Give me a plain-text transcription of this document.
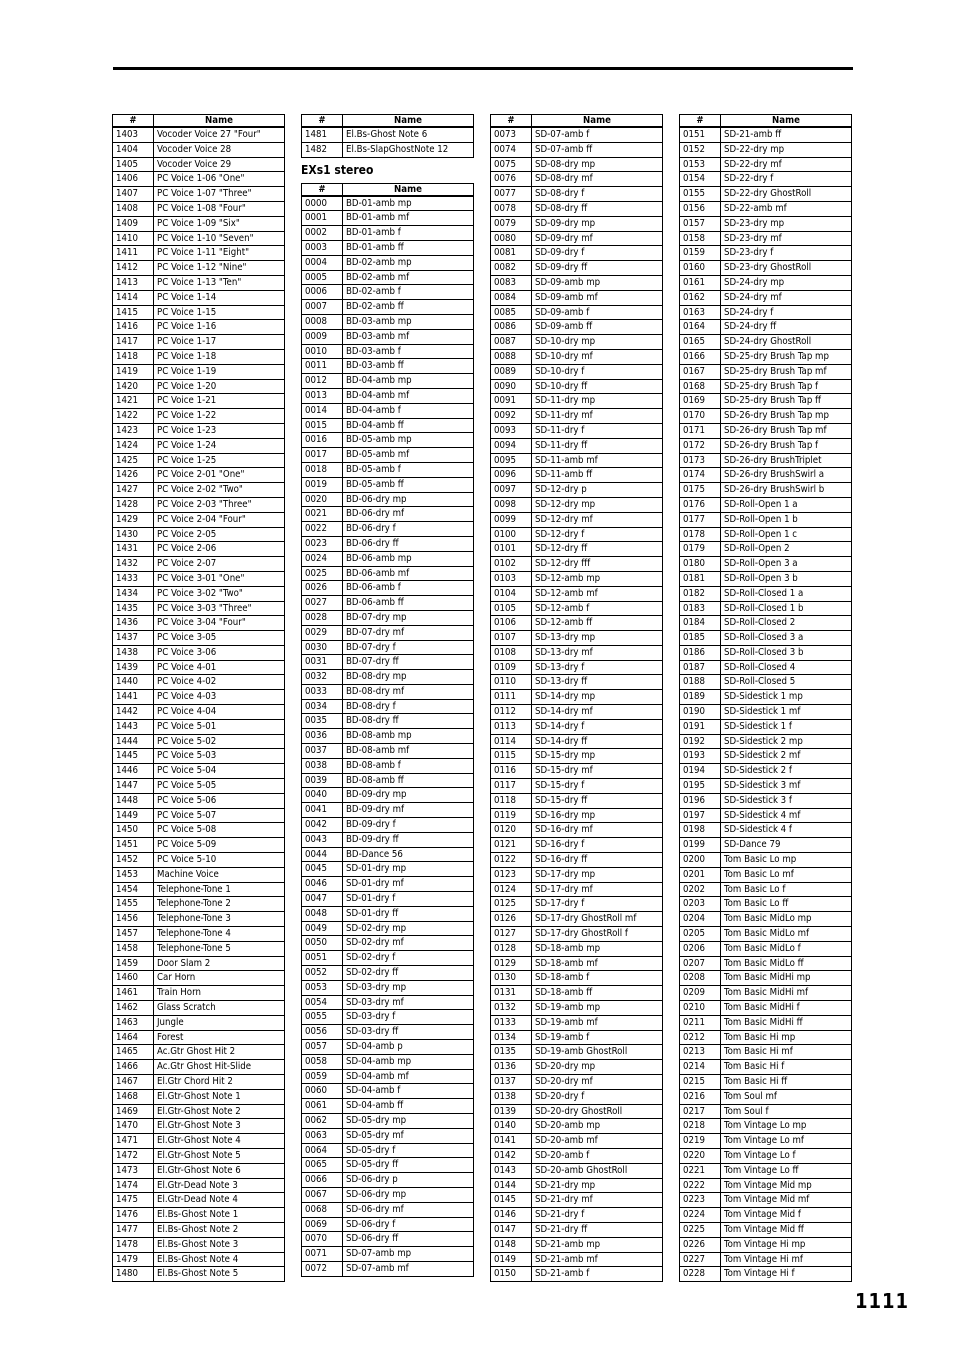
#	Name
1403	Vocoder Voice 27 "Four"
1404	Vocoder Voice 28
1405	Vocoder Voice 29
1406	PC Voice 1-06 "One"
1407	PC Voice 1-07 "Three"
1408	PC Voice 1-08 "Four"
1409	PC Voice 1-09 "Six"
1410	PC Voice 1-10 "Seven"
1411	PC Voice 1-11 "Eight"
1412	PC Voice 1-12 "Nine"
1413	PC Voice 1-13 "Ten"
1414	PC Voice 1-14
1415	PC Voice 1-15
1416	PC Voice 1-16
1417	PC Voice 1-17
1418	PC Voice 1-18
1419	PC Voice 1-19
1420	PC Voice 1-20
1421	PC Voice 1-21
1422	PC Voice 1-22
1423	PC Voice 1-23
1424	PC Voice 1-24
1425	PC Voice 1-25
1426	PC Voice 2-01 "One"
1427	PC Voice 2-02 "Two"
1428	PC Voice 2-03 "Three"
1429	PC Voice 2-04 "Four"
1430	PC Voice 2-05
1431	PC Voice 2-06
1432	PC Voice 2-07
1433	PC Voice 3-01 "One"
1434	PC Voice 3-02 "Two"
1435	PC Voice 3-03 "Three"
1436	PC Voice 3-04 "Four"
1437	PC Voice 3-05
1438	PC Voice 3-06
1439	PC Voice 4-01
1440	PC Voice 4-02
1441	PC Voice 4-03
1442	PC Voice 4-04
1443	PC Voice 5-01
1444	PC Voice 5-02
1445	PC Voice 5-03
1446	PC Voice 5-04
1447	PC Voice 5-05
1448	PC Voice 5-06
1449	PC Voice 5-07
1450	PC Voice 5-08
1451	PC Voice 5-09
1452	PC Voice 5-10
1453	Machine Voice
1454	Telephone-Tone 1
1455	Telephone-Tone 2
1456	Telephone-Tone 3
1457	Telephone-Tone 4
1458	Telephone-Tone 5
1459	Door Slam 2
1460	Car Horn
1461	Train Horn
1462	Glass Scratch
1463	Jungle
1464	Forest
1465	Ac.Gtr Ghost Hit 2
1466	Ac.Gtr Ghost Hit-Slide
1467	El.Gtr Chord Hit 2
1468	El.Gtr-Ghost Note 1
1469	El.Gtr-Ghost Note 2
1470	El.Gtr-Ghost Note 3
1471	El.Gtr-Ghost Note 4
1472	El.Gtr-Ghost Note 5
1473	El.Gtr-Ghost Note 6
1474	El.Gtr-Dead Note 3
1475	El.Gtr-Dead Note 4
1476	El.Bs-Ghost Note 1
1477	El.Bs-Ghost Note 2
1478	El.Bs-Ghost Note 3
1479	El.Bs-Ghost Note 4
1480	El.Bs-Ghost Note 5
#	Name
1481	El.Bs-Ghost Note 6
1482	El.Bs-SlapGhostNote 12
EXs1 stereo
#	Name
0000	BD-01-amb mp
0001	BD-01-amb mf
0002	BD-01-amb f
0003	BD-01-amb ff
0004	BD-02-amb mp
0005	BD-02-amb mf
0006	BD-02-amb f
0007	BD-02-amb ff
0008	BD-03-amb mp
0009	BD-03-amb mf
0010	BD-03-amb f
0011	BD-03-amb ff
0012	BD-04-amb mp
0013	BD-04-amb mf
0014	BD-04-amb f
0015	BD-04-amb ff
0016	BD-05-amb mp
0017	BD-05-amb mf
0018	BD-05-amb f
0019	BD-05-amb ff
0020	BD-06-dry mp
0021	BD-06-dry mf
0022	BD-06-dry f
0023	BD-06-dry ff
0024	BD-06-amb mp
0025	BD-06-amb mf
0026	BD-06-amb f
0027	BD-06-amb ff
0028	BD-07-dry mp
0029	BD-07-dry mf
0030	BD-07-dry f
0031	BD-07-dry ff
0032	BD-08-dry mp
0033	BD-08-dry mf
0034	BD-08-dry f
0035	BD-08-dry ff
0036	BD-08-amb mp
0037	BD-08-amb mf
0038	BD-08-amb f
0039	BD-08-amb ff
0040	BD-09-dry mp
0041	BD-09-dry mf
0042	BD-09-dry f
0043	BD-09-dry ff
0044	BD-Dance 56
0045	SD-01-dry mp
0046	SD-01-dry mf
0047	SD-01-dry f
0048	SD-01-dry ff
0049	SD-02-dry mp
0050	SD-02-dry mf
0051	SD-02-dry f
0052	SD-02-dry ff
0053	SD-03-dry mp
0054	SD-03-dry mf
0055	SD-03-dry f
0056	SD-03-dry ff
0057	SD-04-amb p
0058	SD-04-amb mp
0059	SD-04-amb mf
0060	SD-04-amb f
0061	SD-04-amb ff
0062	SD-05-dry mp
0063	SD-05-dry mf
0064	SD-05-dry f
0065	SD-05-dry ff
0066	SD-06-dry p
0067	SD-06-dry mp
0068	SD-06-dry mf
0069	SD-06-dry f
0070	SD-06-dry ff
0071	SD-07-amb mp
0072	SD-07-amb mf
#	Name
0073	SD-07-amb f
0074	SD-07-amb ff
0075	SD-08-dry mp
0076	SD-08-dry mf
0077	SD-08-dry f
0078	SD-08-dry ff
0079	SD-09-dry mp
0080	SD-09-dry mf
0081	SD-09-dry f
0082	SD-09-dry ff
0083	SD-09-amb mp
0084	SD-09-amb mf
0085	SD-09-amb f
0086	SD-09-amb ff
0087	SD-10-dry mp
0088	SD-10-dry mf
0089	SD-10-dry f
0090	SD-10-dry ff
0091	SD-11-dry mp
0092	SD-11-dry mf
0093	SD-11-dry f
0094	SD-11-dry ff
0095	SD-11-amb mf
0096	SD-11-amb ff
0097	SD-12-dry p
0098	SD-12-dry mp
0099	SD-12-dry mf
0100	SD-12-dry f
0101	SD-12-dry ff
0102	SD-12-dry fff
0103	SD-12-amb mp
0104	SD-12-amb mf
0105	SD-12-amb f
0106	SD-12-amb ff
0107	SD-13-dry mp
0108	SD-13-dry mf
0109	SD-13-dry f
0110	SD-13-dry ff
0111	SD-14-dry mp
0112	SD-14-dry mf
0113	SD-14-dry f
0114	SD-14-dry ff
0115	SD-15-dry mp
0116	SD-15-dry mf
0117	SD-15-dry f
0118	SD-15-dry ff
0119	SD-16-dry mp
0120	SD-16-dry mf
0121	SD-16-dry f
0122	SD-16-dry ff
0123	SD-17-dry mp
0124	SD-17-dry mf
0125	SD-17-dry f
0126	SD-17-dry GhostRoll mf
0127	SD-17-dry GhostRoll f
0128	SD-18-amb mp
0129	SD-18-amb mf
0130	SD-18-amb f
0131	SD-18-amb ff
0132	SD-19-amb mp
0133	SD-19-amb mf
0134	SD-19-amb f
0135	SD-19-amb GhostRoll
0136	SD-20-dry mp
0137	SD-20-dry mf
0138	SD-20-dry f
0139	SD-20-dry GhostRoll
0140	SD-20-amb mp
0141	SD-20-amb mf
0142	SD-20-amb f
0143	SD-20-amb GhostRoll
0144	SD-21-dry mp
0145	SD-21-dry mf
0146	SD-21-dry f
0147	SD-21-dry ff
0148	SD-21-amb mp
0149	SD-21-amb mf
0150	SD-21-amb f
#	Name
0151	SD-21-amb ff
0152	SD-22-dry mp
0153	SD-22-dry mf
0154	SD-22-dry f
0155	SD-22-dry GhostRoll
0156	SD-22-amb mf
0157	SD-23-dry mp
0158	SD-23-dry mf
0159	SD-23-dry f
0160	SD-23-dry GhostRoll
0161	SD-24-dry mp
0162	SD-24-dry mf
0163	SD-24-dry f
0164	SD-24-dry ff
0165	SD-24-dry GhostRoll
0166	SD-25-dry Brush Tap mp
0167	SD-25-dry Brush Tap mf
0168	SD-25-dry Brush Tap f
0169	SD-25-dry Brush Tap ff
0170	SD-26-dry Brush Tap mp
0171	SD-26-dry Brush Tap mf
0172	SD-26-dry Brush Tap f
0173	SD-26-dry BrushTriplet
0174	SD-26-dry BrushSwirl a
0175	SD-26-dry BrushSwirl b
0176	SD-Roll-Open 1 a
0177	SD-Roll-Open 1 b
0178	SD-Roll-Open 1 c
0179	SD-Roll-Open 2
0180	SD-Roll-Open 3 a
0181	SD-Roll-Open 3 b
0182	SD-Roll-Closed 1 a
0183	SD-Roll-Closed 1 b
0184	SD-Roll-Closed 2
0185	SD-Roll-Closed 3 a
0186	SD-Roll-Closed 3 b
0187	SD-Roll-Closed 4
0188	SD-Roll-Closed 5
0189	SD-Sidestick 1 mp
0190	SD-Sidestick 1 mf
0191	SD-Sidestick 1 f
0192	SD-Sidestick 2 mp
0193	SD-Sidestick 2 mf
0194	SD-Sidestick 2 f
0195	SD-Sidestick 3 mf
0196	SD-Sidestick 3 f
0197	SD-Sidestick 4 mf
0198	SD-Sidestick 4 f
0199	SD-Dance 79
0200	Tom Basic Lo mp
0201	Tom Basic Lo mf
0202	Tom Basic Lo f
0203	Tom Basic Lo ff
0204	Tom Basic MidLo mp
0205	Tom Basic MidLo mf
0206	Tom Basic MidLo f
0207	Tom Basic MidLo ff
0208	Tom Basic MidHi mp
0209	Tom Basic MidHi mf
0210	Tom Basic MidHi f
0211	Tom Basic MidHi ff
0212	Tom Basic Hi mp
0213	Tom Basic Hi mf
0214	Tom Basic Hi f
0215	Tom Basic Hi ff
0216	Tom Soul mf
0217	Tom Soul f
0218	Tom Vintage Lo mp
0219	Tom Vintage Lo mf
0220	Tom Vintage Lo f
0221	Tom Vintage Lo ff
0222	Tom Vintage Mid mp
0223	Tom Vintage Mid mf
0224	Tom Vintage Mid f
0225	Tom Vintage Mid ff
0226	Tom Vintage Hi mp
0227	Tom Vintage Hi mf
0228	Tom Vintage Hi f
1111
